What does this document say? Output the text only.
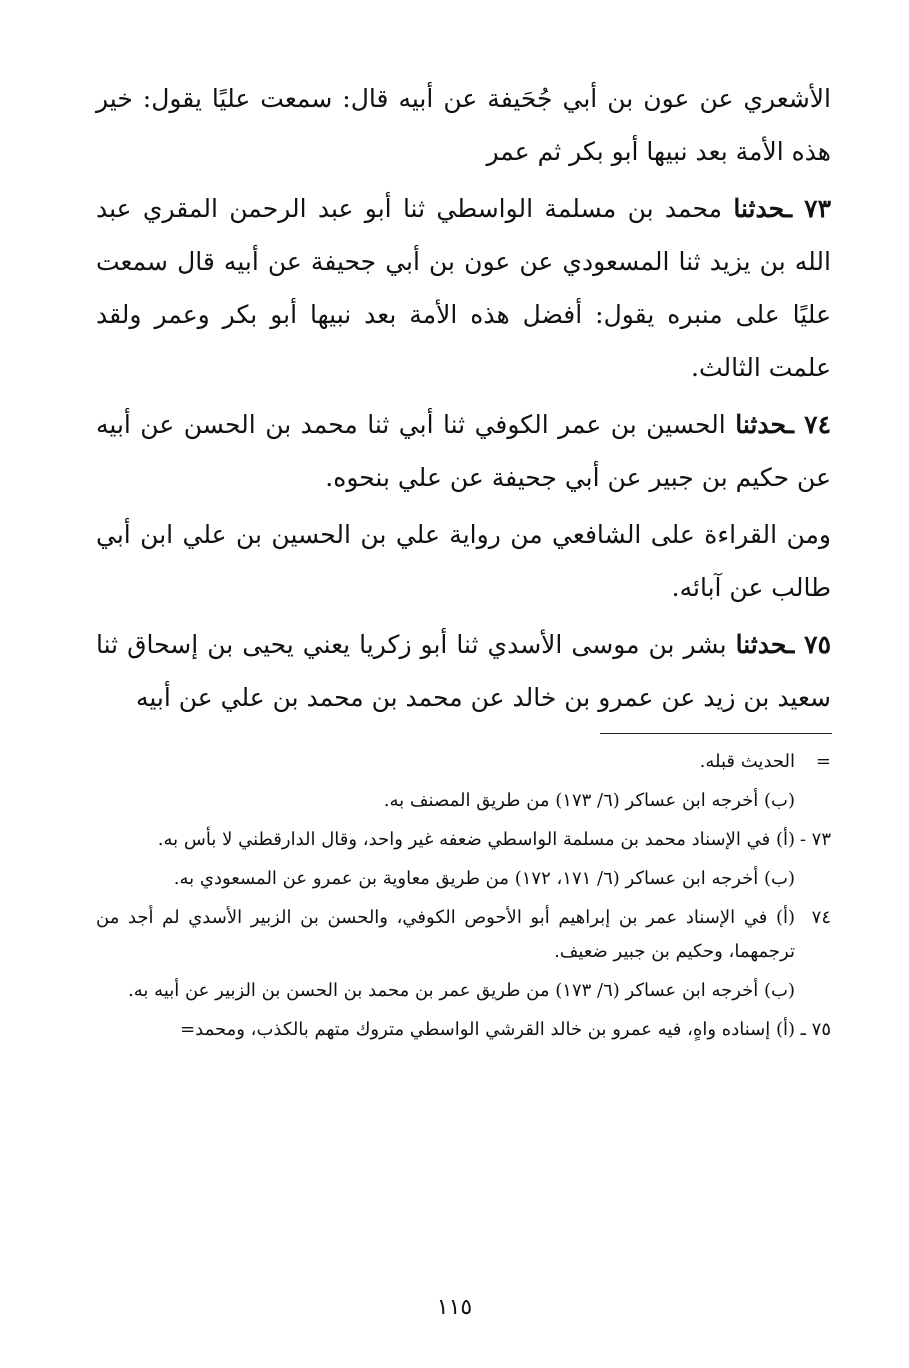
الأشعري عن عون بن أبي جُحَيفة عن أبيه قال: سمعت عليًا يقول: خير هذه الأمة بعد نبيها أبو بكر ثم عمر

٧٣ ـحدثنا محمد بن مسلمة الواسطي ثنا أبو عبد الرحمن المقري عبد الله بن يزيد ثنا المسعودي عن عون بن أبي جحيفة عن أبيه قال سمعت عليًا على منبره يقول: أفضل هذه الأمة بعد نبيها أبو بكر وعمر ولقد علمت الثالث.

٧٤ ـحدثنا الحسين بن عمر الكوفي ثنا أبي ثنا محمد بن الحسن عن أبيه عن حكيم بن جبير عن أبي جحيفة عن علي بنحوه.

ومن القراءة على الشافعي من رواية علي بن الحسين بن علي ابن أبي طالب عن آبائه.

٧٥ ـحدثنا بشر بن موسى الأسدي ثنا أبو زكريا يعني يحيى بن إسحاق ثنا سعيد بن زيد عن عمرو بن خالد عن محمد بن محمد بن علي عن أبيه

=
الحديث قبله.
(ب) أخرجه ابن عساكر (٦/ ١٧٣) من طريق المصنف به.
٧٣ -
(أ) في الإسناد محمد بن مسلمة الواسطي ضعفه غير واحد، وقال الدارقطني لا بأس به.
(ب) أخرجه ابن عساكر (٦/ ١٧١، ١٧٢) من طريق معاوية بن عمرو عن المسعودي به.
٧٤
(أ) في الإسناد عمر بن إبراهيم أبو الأحوص الكوفي، والحسن بن الزبير الأسدي لم أجد من ترجمهما، وحكيم بن جبير ضعيف.
(ب) أخرجه ابن عساكر (٦/ ١٧٣) من طريق عمر بن محمد بن الحسن بن الزبير عن أبيه به.
٧٥ ـ
(أ) إسناده واهٍ، فيه عمرو بن خالد القرشي الواسطي متروك متهم بالكذب، ومحمد=
١١٥
